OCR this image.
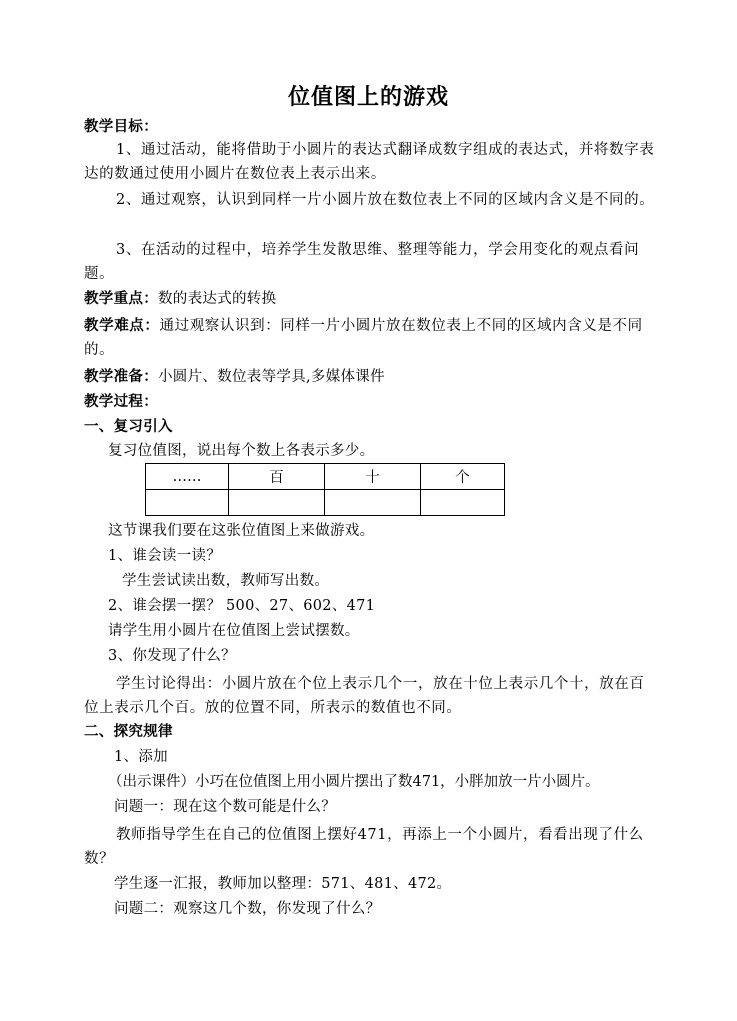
位值图上的游戏
教学目标：
1、通过活动，能将借助于小圆片的表达式翻译成数字组成的表达式，并将数字表达的数通过使用小圆片在数位表上表示出来。
2、通过观察，认识到同样一片小圆片放在数位表上不同的区域内含义是不同的。
3、在活动的过程中，培养学生发散思维、整理等能力，学会用变化的观点看问题。
教学重点：数的表达式的转换
教学难点：通过观察认识到：同样一片小圆片放在数位表上不同的区域内含义是不同的。
教学准备：小圆片、数位表等学具,多媒体课件
教学过程：
一、复习引入
复习位值图，说出每个数上各表示多少。
……	百	十	个

这节课我们要在这张位值图上来做游戏。
1、谁会读一读？
学生尝试读出数，教师写出数。
2、谁会摆一摆？ 500、27、602、471
请学生用小圆片在位值图上尝试摆数。
3、你发现了什么？
学生讨论得出：小圆片放在个位上表示几个一，放在十位上表示几个十，放在百位上表示几个百。放的位置不同，所表示的数值也不同。
二、探究规律
1、添加
（出示课件）小巧在位值图上用小圆片摆出了数471，小胖加放一片小圆片。
问题一：现在这个数可能是什么？
教师指导学生在自己的位值图上摆好471，再添上一个小圆片，看看出现了什么数？
学生逐一汇报，教师加以整理：571、481、472。
问题二：观察这几个数，你发现了什么？
